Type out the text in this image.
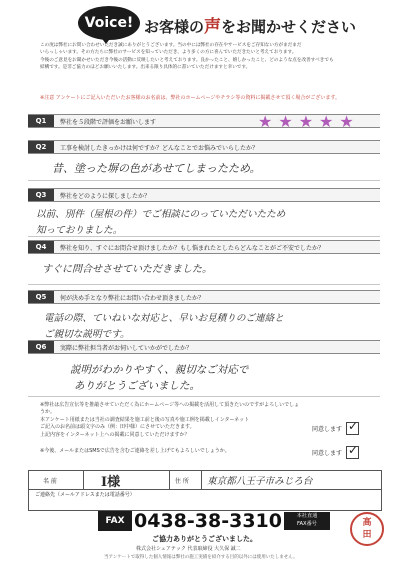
Voice! お客様の声をお聞かせください
この度は弊社にお問い合わせいただき誠にありがとうございます。当の中には弊社の存在やサービスをご存知ない方がまだまだ
いらっしゃいます。その方たちに弊社のサービスを知っていただき、より多くの方に喜んでいただきたいと考えております。
今後のご意見をお聞かせいただき今後の活動に反映したいと考えております。良かったこと、嬉しかったこと、どのような点を改善すべきでも
結構です。是非ご協力のほどお願いいたします。出来る限り具体的に書いていただけますと幸いです。
※注意 アンケートにご記入いただいたお客様のお名前は、弊社のホームページやチラシ等の資料に掲載させて頂く場合がございます。
Q1	弊社を５段階で評価をお願いします	★★★★★
Q2	工事を検討したきっかけは何ですか？どんなことでお悩みでいらしたか？
昔、塗った塀の色があせてしまったため。
Q3	弊社をどのように探しましたか？
以前、別件（屋根の件）でご相談にのっていただいたため
知っておりました。
Q4	弊社を知り、すぐにお問合せ頂けましたか？もし悩まれたとしたらどんなことがご不安でしたか？
すぐに問合せさせていただきました。
Q5	何が決め手となり弊社にお問い合わせ頂きましたか？
電話の際、ていねいな対応と、早いお見積りのご連絡と
ご親切な説明です。
Q6	実際に弊社担当者がお伺いしていかがでしたか？
説明がわかりやすく、親切なご対応で
ありがとうございました。
※弊社は広告宣伝等を推敲させていただく為にホームページ等への掲載を活用して頂きたいのですがよろしいでしょうか。
本アンケート用紙または当社の調査結果を施工前と後の写真や施工例を掲載しインターネット
ご記入のお名前は頭文字のみ（例：田中様）にさせていただきます。
上記内容をインターネット上への掲載に同意していただけますか？
同意します ✓
※今後、メールまたはSMSで広告を含むご連絡を差し上げてもよろしいでしょうか。	同意します ✓
名 前	I様	住 所 東京都八王子市みじろ台
ご連絡先（メールアドレスまたは電話番号）
FAX 0438-38-3310	本社直通
FAX番号
ご協力ありがとうございました。
株式会社シェアテック 代表取締役 大久保 誠二
当アンケートで取得した個人情報は弊社の施工実績を紹介する目的以外には使用いたしません。
高
田
